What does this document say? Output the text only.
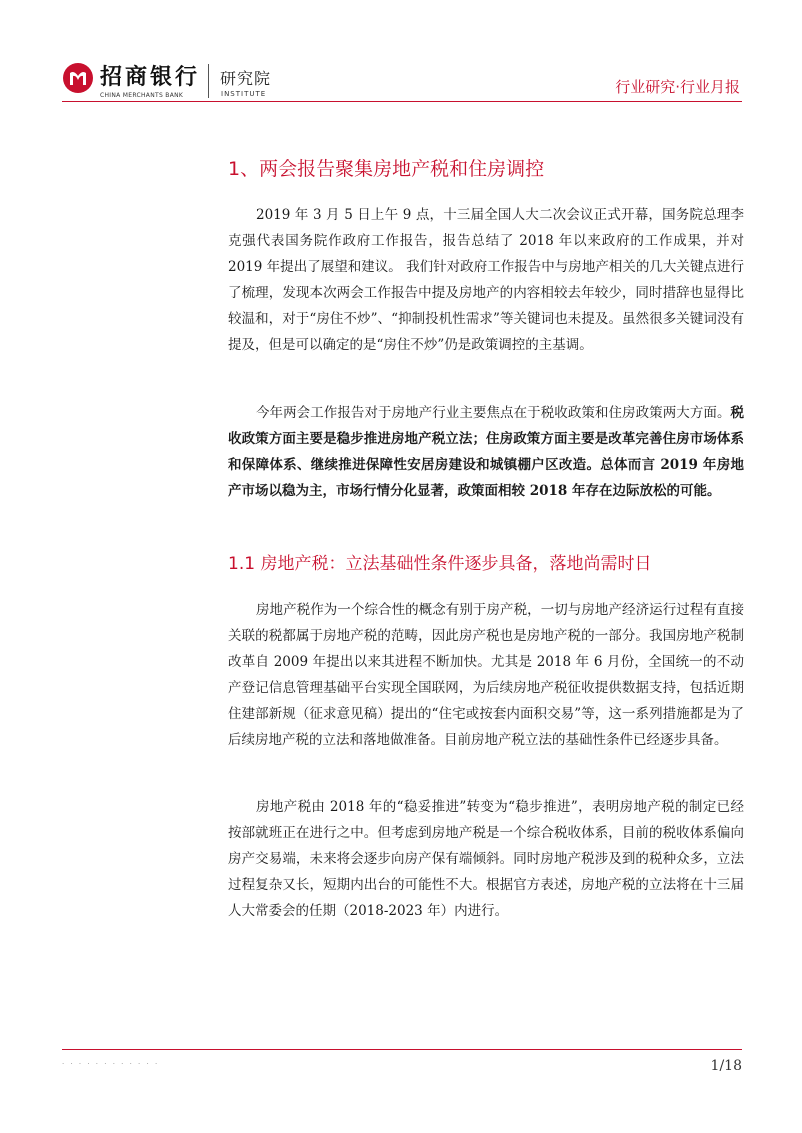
招商银行
CHINA MERCHANTS BANK
研究院
INSTITUTE	行业研究·行业月报
1、两会报告聚集房地产税和住房调控

2019 年 3 月 5 日上午 9 点，十三届全国人大二次会议正式开幕，国务院总理李克强代表国务院作政府工作报告，报告总结了 2018 年以来政府的工作成果，并对 2019 年提出了展望和建议。 我们针对政府工作报告中与房地产相关的几大关键点进行了梳理，发现本次两会工作报告中提及房地产的内容相较去年较少，同时措辞也显得比较温和，对于“房住不炒”、“抑制投机性需求”等关键词也未提及。虽然很多关键词没有提及，但是可以确定的是“房住不炒”仍是政策调控的主基调。

今年两会工作报告对于房地产行业主要焦点在于税收政策和住房政策两大方面。税收政策方面主要是稳步推进房地产税立法；住房政策方面主要是改革完善住房市场体系和保障体系、继续推进保障性安居房建设和城镇棚户区改造。总体而言 2019 年房地产市场以稳为主，市场行情分化显著，政策面相较 2018 年存在边际放松的可能。

1.1 房地产税：立法基础性条件逐步具备，落地尚需时日

房地产税作为一个综合性的概念有别于房产税，一切与房地产经济运行过程有直接关联的税都属于房地产税的范畴，因此房产税也是房地产税的一部分。我国房地产税制改革自 2009 年提出以来其进程不断加快。尤其是 2018 年 6 月份，全国统一的不动产登记信息管理基础平台实现全国联网，为后续房地产税征收提供数据支持，包括近期住建部新规（征求意见稿）提出的“住宅或按套内面积交易”等，这一系列措施都是为了后续房地产税的立法和落地做准备。目前房地产税立法的基础性条件已经逐步具备。

房地产税由 2018 年的“稳妥推进”转变为“稳步推进”，表明房地产税的制定已经按部就班正在进行之中。但考虑到房地产税是一个综合税收体系，目前的税收体系偏向房产交易端，未来将会逐步向房产保有端倾斜。同时房地产税涉及到的税种众多，立法过程复杂又长，短期内出台的可能性不大。根据官方表述，房地产税的立法将在十三届人大常委会的任期（2018-2023 年）内进行。

· · · · · · · · · · · ·	1/18
